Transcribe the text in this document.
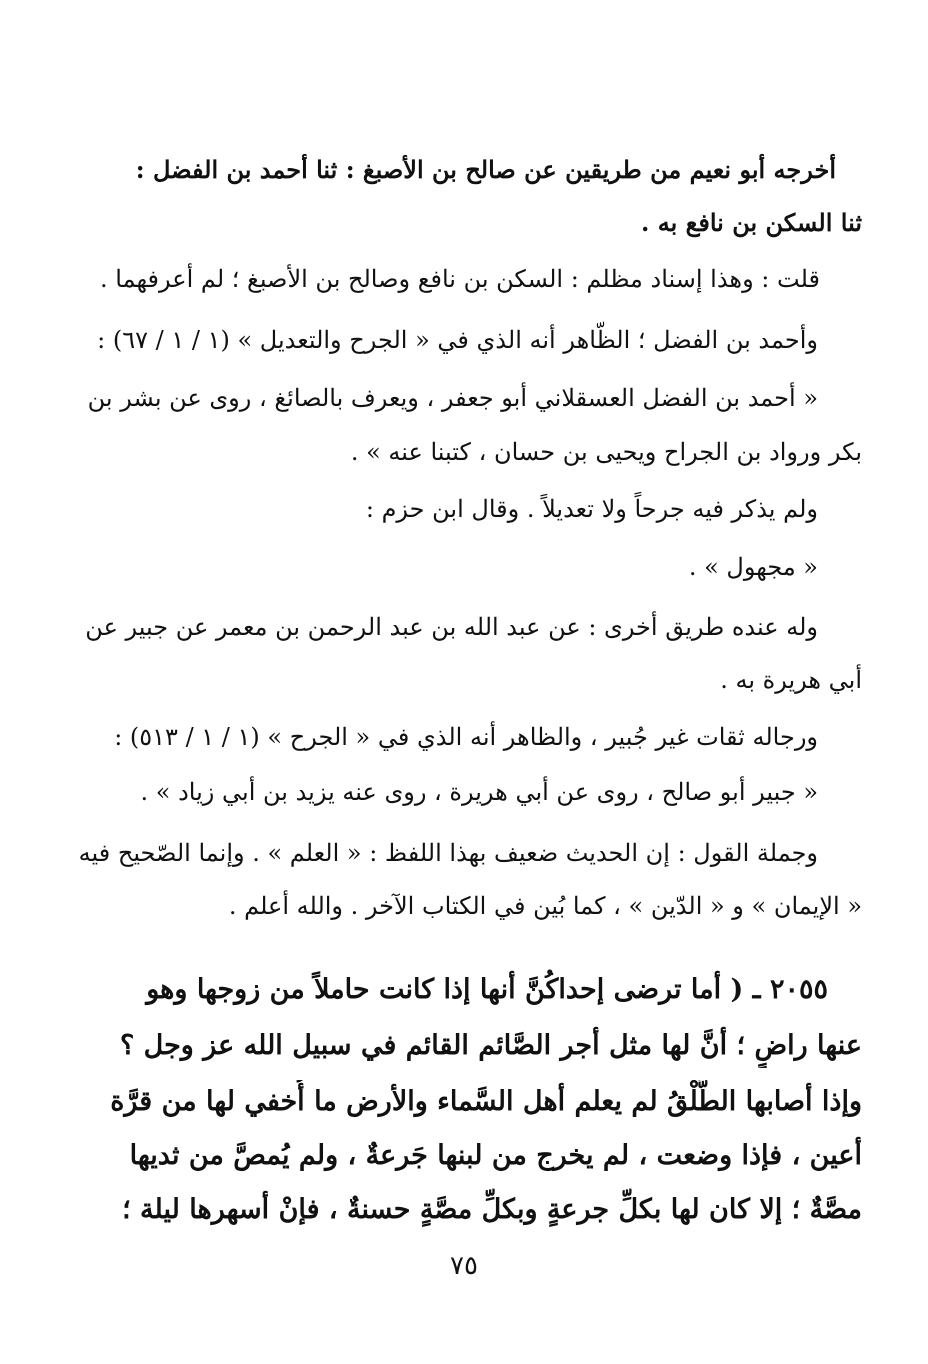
أخرجه أبو نعيم من طريقين عن صالح بن الأصبغ : ثنا أحمد بن الفضل :
ثنا السكن بن نافع به .
قلت : وهذا إسناد مظلم : السكن بن نافع وصالح بن الأصبغ ؛ لم أعرفهما .
وأحمد بن الفضل ؛ الظّاهر أنه الذي في « الجرح والتعديل » (١ / ١ / ٦٧) :
« أحمد بن الفضل العسقلاني أبو جعفر ، ويعرف بالصائغ ، روى عن بشر بن
بكر ورواد بن الجراح ويحيى بن حسان ، كتبنا عنه » .
ولم يذكر فيه جرحاً ولا تعديلاً . وقال ابن حزم :
« مجهول » .
وله عنده طريق أخرى : عن عبد الله بن عبد الرحمن بن معمر عن جبير عن
أبي هريرة به .
ورجاله ثقات غير جُبير ، والظاهر أنه الذي في « الجرح » (١ / ١ / ٥١٣) :
« جبير أبو صالح ، روى عن أبي هريرة ، روى عنه يزيد بن أبي زياد » .
وجملة القول : إن الحديث ضعيف بهذا اللفظ : « العلم » . وإنما الصّحيح فيه
« الإيمان » و « الدّين » ، كما بُين في الكتاب الآخر . والله أعلم .
٢٠٥٥ ـ ( أما ترضى إحداكُنَّ أنها إذا كانت حاملاً من زوجها وهو
عنها راضٍ ؛ أنَّ لها مثل أجر الصَّائم القائم في سبيل الله عز وجل ؟
وإذا أصابها الطَّلْقُ لم يعلم أهل السَّماء والأرض ما أُخفي لها من قرَّة
أعين ، فإذا وضعت ، لم يخرج من لبنها جَرعةٌ ، ولم يُمصَّ من ثديها
مصَّةٌ ؛ إلا كان لها بكلِّ جرعةٍ وبكلِّ مصَّةٍ حسنةٌ ، فإنْ أسهرها ليلة ؛
٧٥
